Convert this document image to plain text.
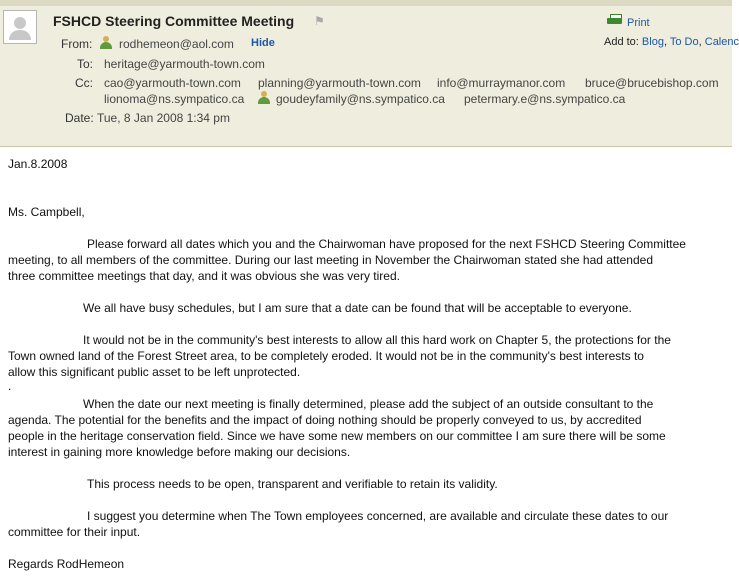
FSHCD Steering Committee Meeting ⚑
From: rodhemeon@aol.com Hide
To: heritage@yarmouth-town.com
Cc: cao@yarmouth-town.com planning@yarmouth-town.com info@murraymanor.com bruce@brucebishop.com
lionoma@ns.sympatico.ca	goudeyfamily@ns.sympatico.ca petermary.e@ns.sympatico.ca
Date: Tue, 8 Jan 2008 1:34 pm
Print
Add to: Blog, To Do, Calenc
Jan.8.2008
Ms. Campbell,
Please forward all dates which you and the Chairwoman have proposed for the next FSHCD Steering Committee
meeting, to all members of the committee. During our last meeting in November the Chairwoman stated she had attended
three committee meetings that day, and it was obvious she was very tired.
We all have busy schedules, but I am sure that a date can be found that will be acceptable to everyone.
It would not be in the community's best interests to allow all this hard work on Chapter 5, the protections for the
Town owned land of the Forest Street area, to be completely eroded. It would not be in the community's best interests to
allow this significant public asset to be left unprotected.
.
When the date our next meeting is finally determined, please add the subject of an outside consultant to the
agenda. The potential for the benefits and the impact of doing nothing should be properly conveyed to us, by accredited
people in the heritage conservation field. Since we have some new members on our committee I am sure there will be some
interest in gaining more knowledge before making our decisions.
This process needs to be open, transparent and verifiable to retain its validity.
I suggest you determine when The Town employees concerned, are available and circulate these dates to our
committee for their input.
Regards RodHemeon
